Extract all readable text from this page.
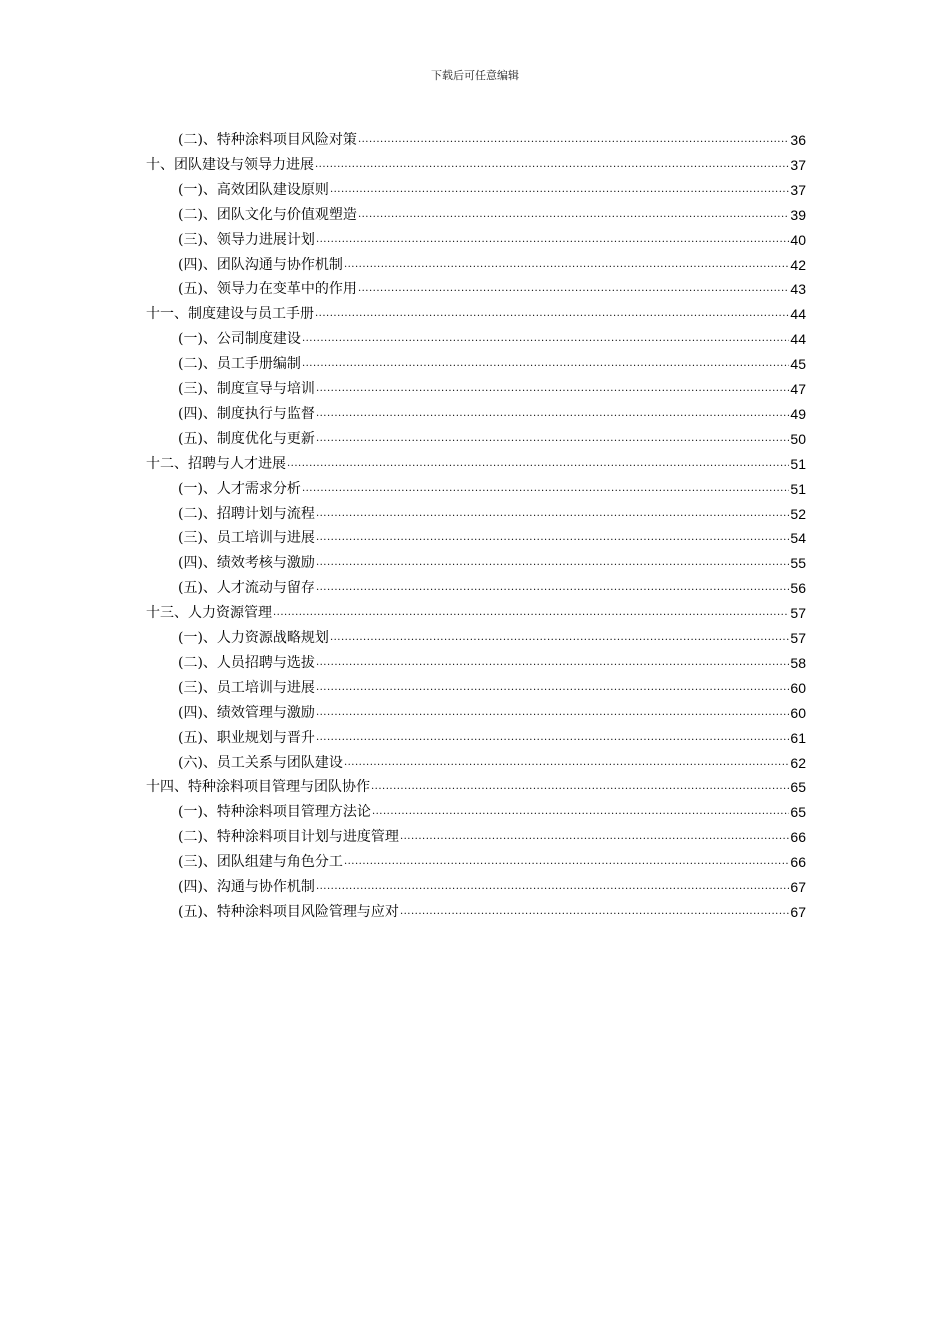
下载后可任意编辑
(二)、特种涂料项目风险对策 .....	36
十、团队建设与领导力进展 .....	37
(一)、高效团队建设原则 .....	37
(二)、团队文化与价值观塑造 .....	39
(三)、领导力进展计划 .....	40
(四)、团队沟通与协作机制 .....	42
(五)、领导力在变革中的作用 .....	43
十一、制度建设与员工手册 .....	44
(一)、公司制度建设 .....	44
(二)、员工手册编制 .....	45
(三)、制度宣导与培训 .....	47
(四)、制度执行与监督 .....	49
(五)、制度优化与更新 .....	50
十二、招聘与人才进展 .....	51
(一)、人才需求分析 .....	51
(二)、招聘计划与流程 .....	52
(三)、员工培训与进展 .....	54
(四)、绩效考核与激励 .....	55
(五)、人才流动与留存 .....	56
十三、人力资源管理 .....	57
(一)、人力资源战略规划 .....	57
(二)、人员招聘与选拔 .....	58
(三)、员工培训与进展 .....	60
(四)、绩效管理与激励 .....	60
(五)、职业规划与晋升 .....	61
(六)、员工关系与团队建设 .....	62
十四、特种涂料项目管理与团队协作 .....	65
(一)、特种涂料项目管理方法论 .....	65
(二)、特种涂料项目计划与进度管理 .....	66
(三)、团队组建与角色分工 .....	66
(四)、沟通与协作机制 .....	67
(五)、特种涂料项目风险管理与应对 .....	67
